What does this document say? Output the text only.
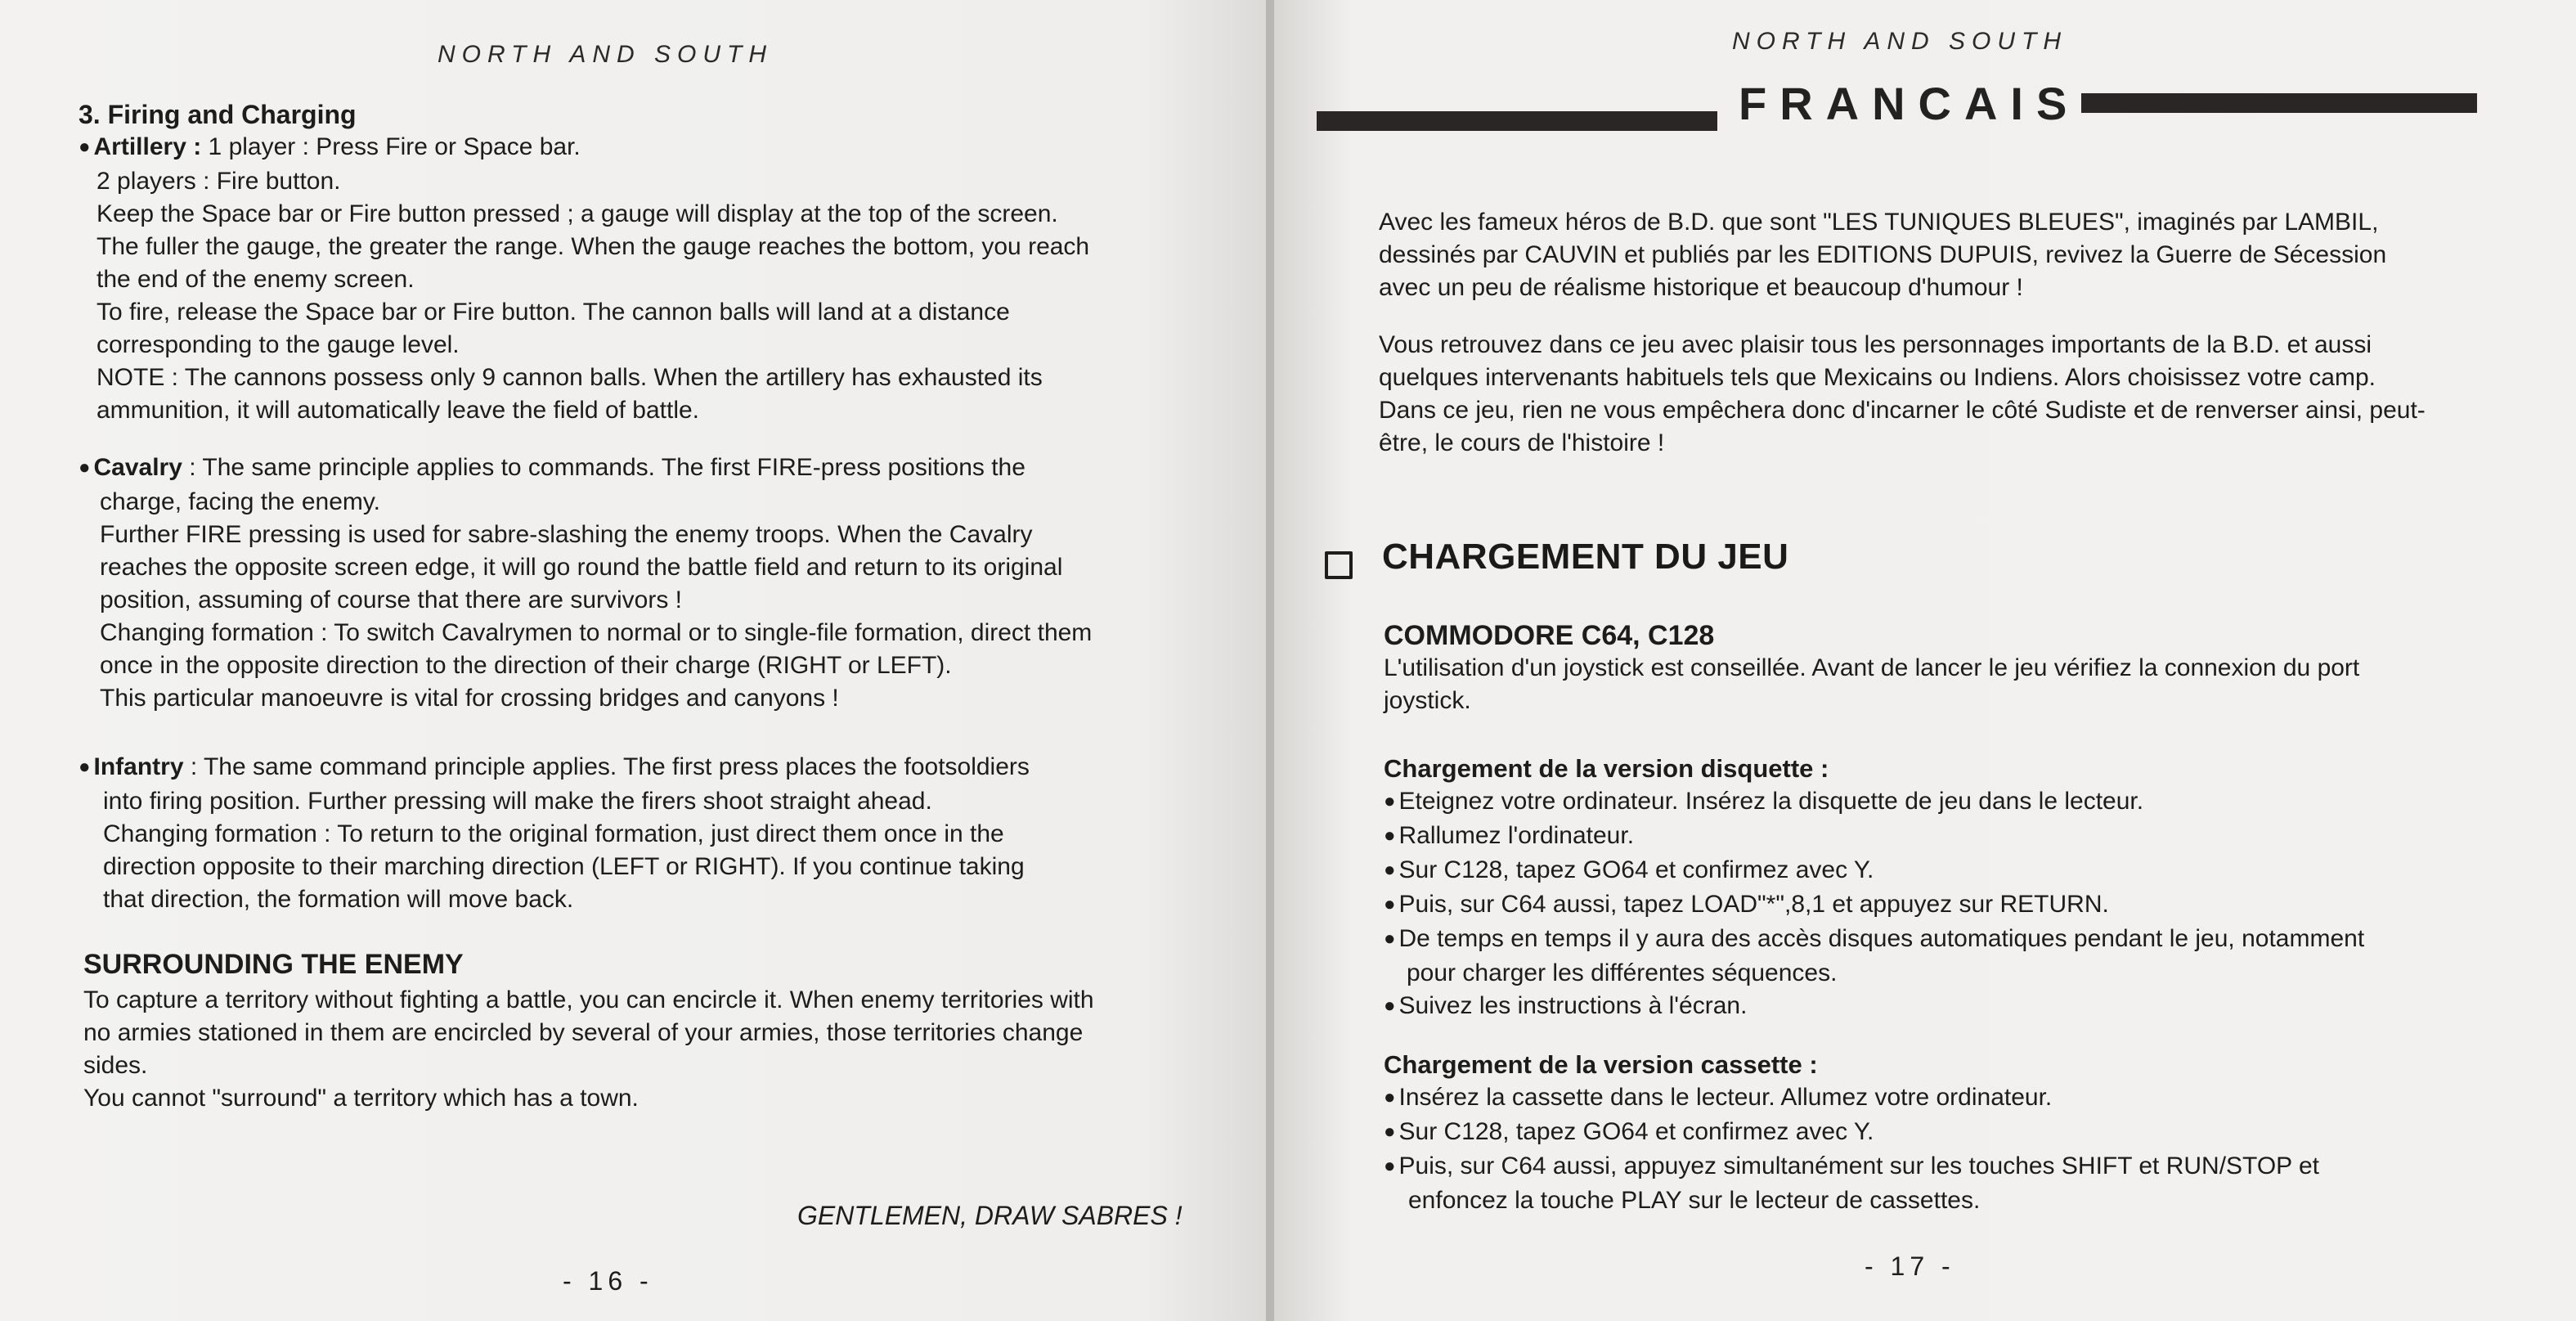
NORTH AND SOUTH
3. Firing and Charging
● Artillery : 1 player : Press Fire or Space bar.
2 players : Fire button.
Keep the Space bar or Fire button pressed ; a gauge will display at the top of the screen.
The fuller the gauge, the greater the range. When the gauge reaches the bottom, you reach
the end of the enemy screen.
To fire, release the Space bar or Fire button. The cannon balls will land at a distance
corresponding to the gauge level.
NOTE : The cannons possess only 9 cannon balls. When the artillery has exhausted its
ammunition, it will automatically leave the field of battle.
● Cavalry : The same principle applies to commands. The first FIRE-press positions the
charge, facing the enemy.
Further FIRE pressing is used for sabre-slashing the enemy troops. When the Cavalry
reaches the opposite screen edge, it will go round the battle field and return to its original
position, assuming of course that there are survivors !
Changing formation : To switch Cavalrymen to normal or to single-file formation, direct them
once in the opposite direction to the direction of their charge (RIGHT or LEFT).
This particular manoeuvre is vital for crossing bridges and canyons !
● Infantry : The same command principle applies. The first press places the footsoldiers
into firing position. Further pressing will make the firers shoot straight ahead.
Changing formation : To return to the original formation, just direct them once in the
direction opposite to their marching direction (LEFT or RIGHT). If you continue taking
that direction, the formation will move back.
SURROUNDING THE ENEMY
To capture a territory without fighting a battle, you can encircle it. When enemy territories with
no armies stationed in them are encircled by several of your armies, those territories change
sides.
You cannot "surround" a territory which has a town.
GENTLEMEN, DRAW SABRES !
- 16 -
NORTH AND SOUTH
FRANCAIS
Avec les fameux héros de B.D. que sont "LES TUNIQUES BLEUES", imaginés par LAMBIL,
dessinés par CAUVIN et publiés par les EDITIONS DUPUIS, revivez la Guerre de Sécession
avec un peu de réalisme historique et beaucoup d'humour !
Vous retrouvez dans ce jeu avec plaisir tous les personnages importants de la B.D. et aussi
quelques intervenants habituels tels que Mexicains ou Indiens. Alors choisissez votre camp.
Dans ce jeu, rien ne vous empêchera donc d'incarner le côté Sudiste et de renverser ainsi, peut-
être, le cours de l'histoire !
CHARGEMENT DU JEU
COMMODORE C64, C128
L'utilisation d'un joystick est conseillée. Avant de lancer le jeu vérifiez la connexion du port
joystick.
Chargement de la version disquette :
● Eteignez votre ordinateur. Insérez la disquette de jeu dans le lecteur.
● Rallumez l'ordinateur.
● Sur C128, tapez GO64 et confirmez avec Y.
● Puis, sur C64 aussi, tapez LOAD"*",8,1 et appuyez sur RETURN.
● De temps en temps il y aura des accès disques automatiques pendant le jeu, notamment
pour charger les différentes séquences.
● Suivez les instructions à l'écran.
Chargement de la version cassette :
● Insérez la cassette dans le lecteur. Allumez votre ordinateur.
● Sur C128, tapez GO64 et confirmez avec Y.
● Puis, sur C64 aussi, appuyez simultanément sur les touches SHIFT et RUN/STOP et
enfoncez la touche PLAY sur le lecteur de cassettes.
- 17 -
